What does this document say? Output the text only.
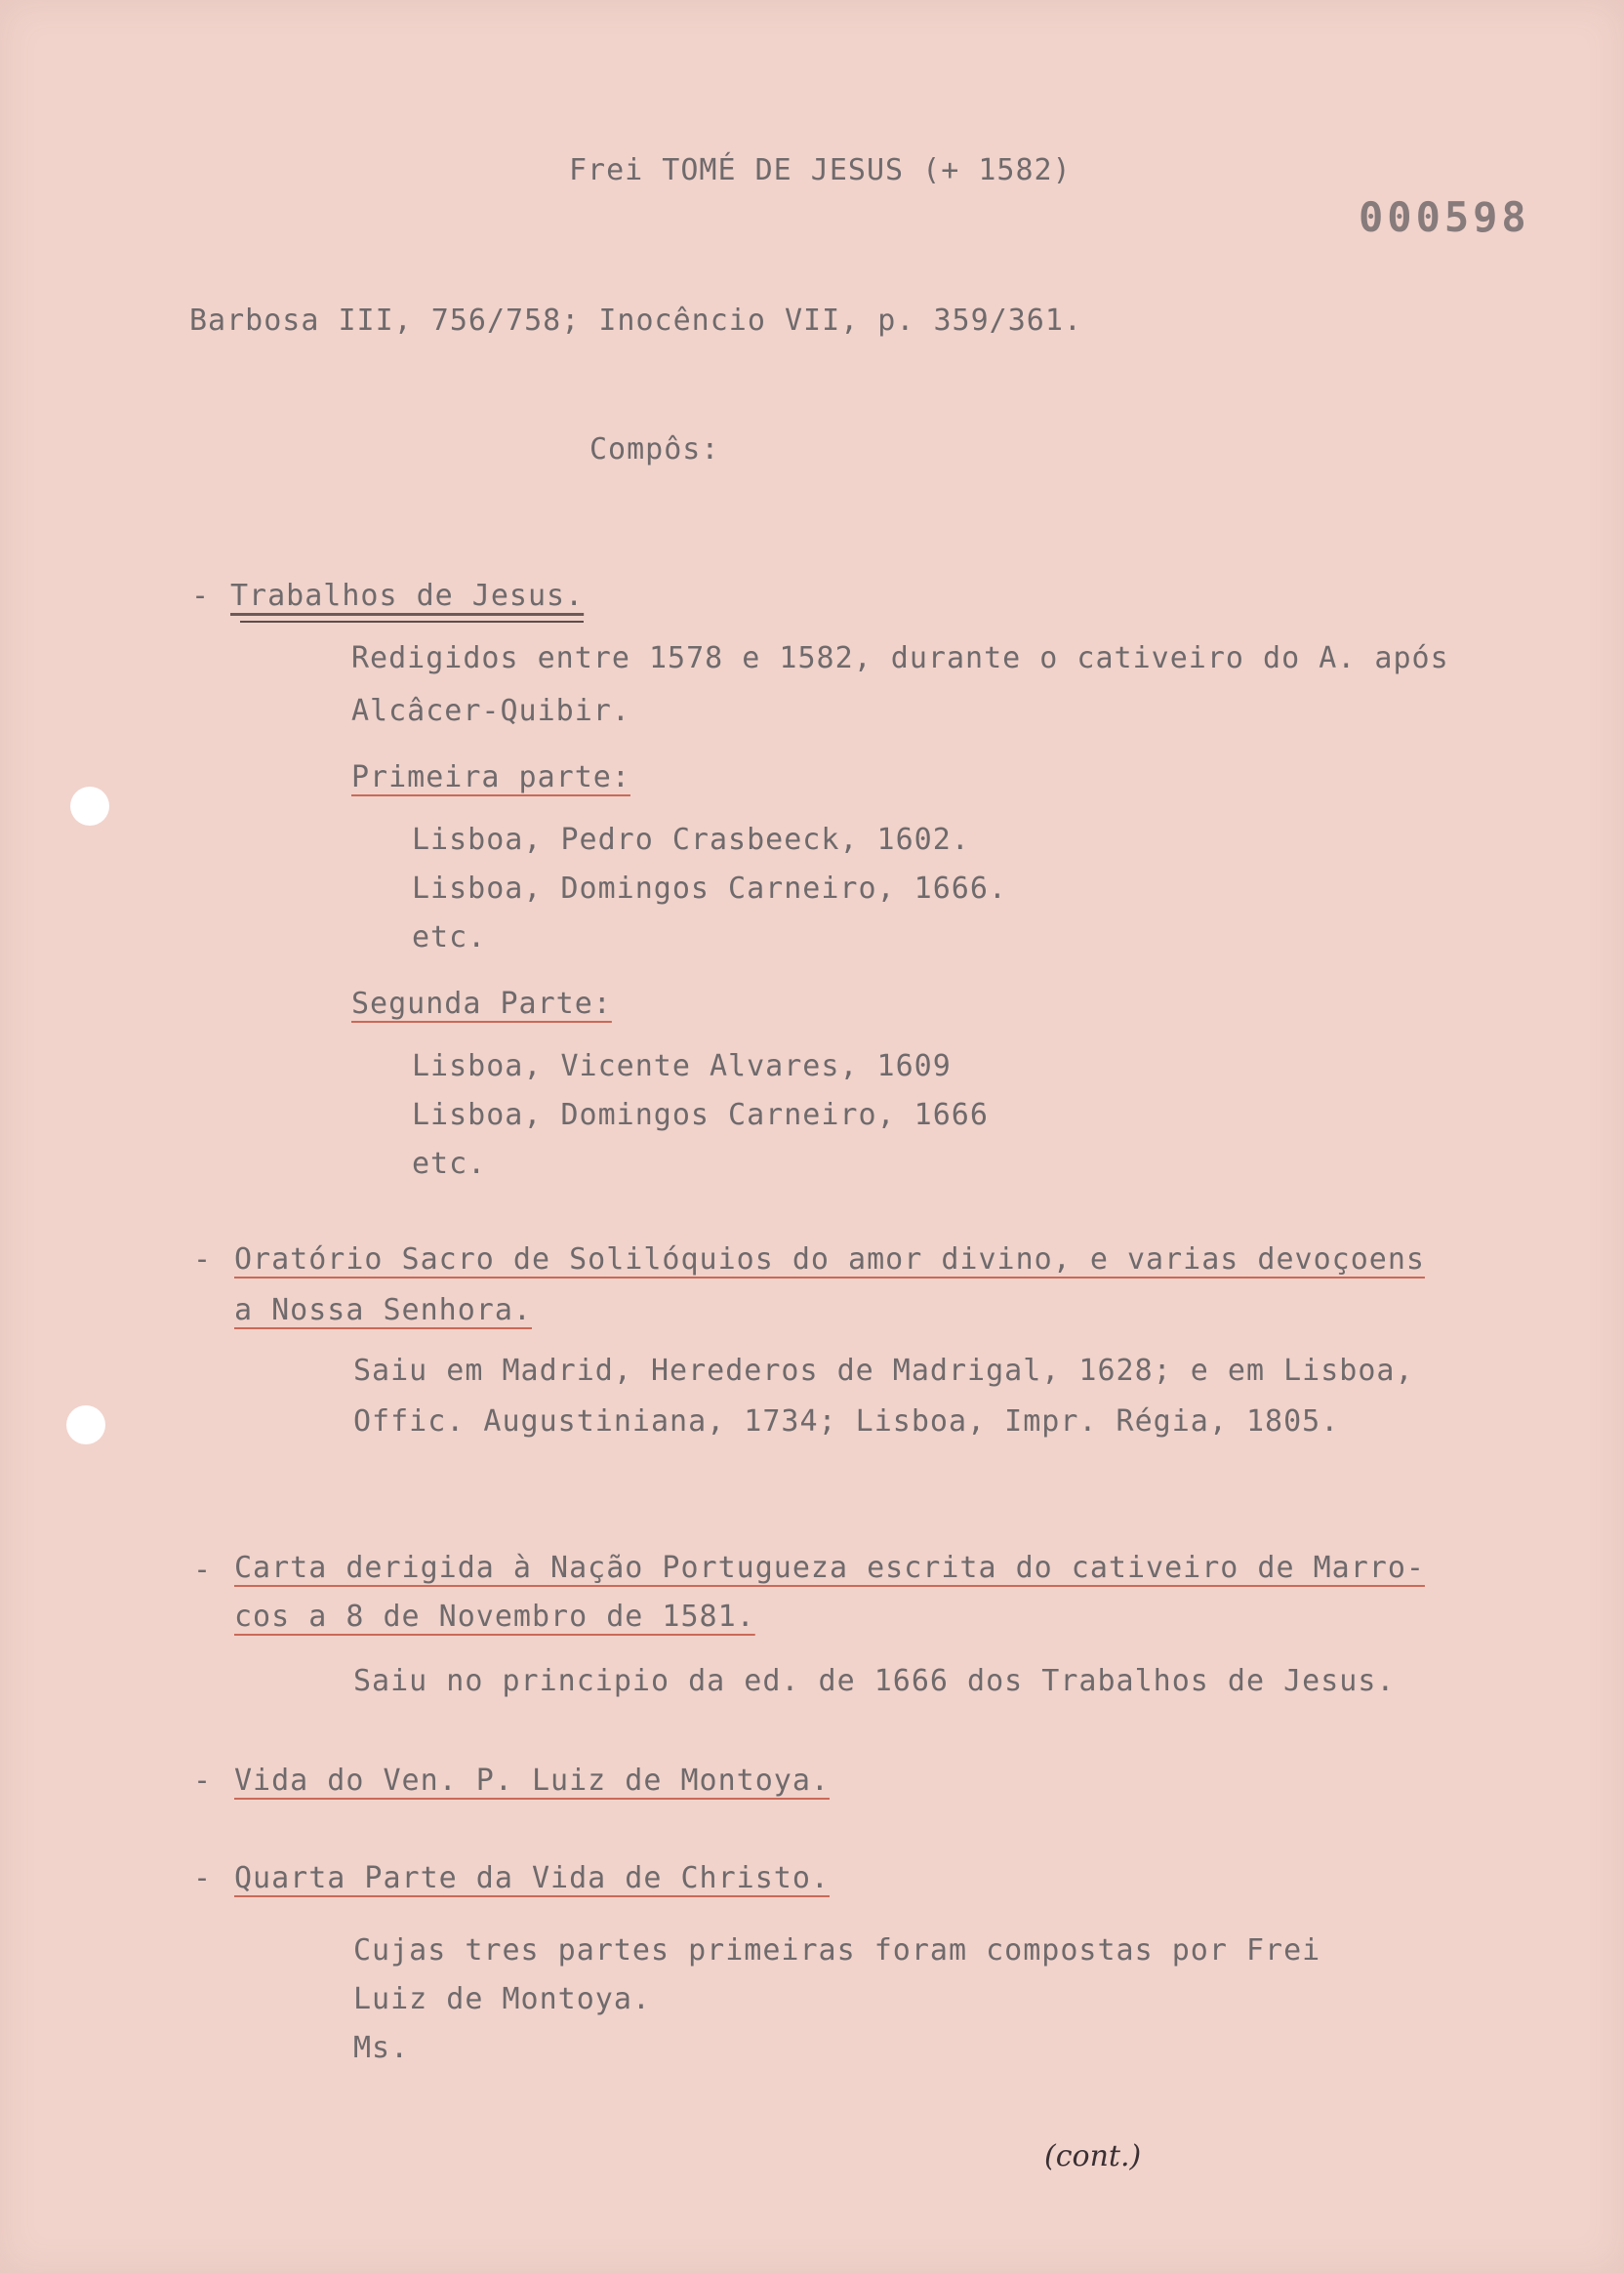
Frei TOMÉ DE JESUS (+ 1582)
000598
Barbosa III, 756/758; Inocêncio VII, p. 359/361.
Compôs:
- Trabalhos de Jesus.
Redigidos entre 1578 e 1582, durante o cativeiro do A. após
Alcâcer-Quibir.
Primeira parte:
Lisboa, Pedro Crasbeeck, 1602.
Lisboa, Domingos Carneiro, 1666.
etc.
Segunda Parte:
Lisboa, Vicente Alvares, 1609
Lisboa, Domingos Carneiro, 1666
etc.
- Oratório Sacro de Solilóquios do amor divino, e varias devoçoens
a Nossa Senhora.
Saiu em Madrid, Herederos de Madrigal, 1628; e em Lisboa,
Offic. Augustiniana, 1734; Lisboa, Impr. Régia, 1805.
- Carta derigida à Nação Portugueza escrita do cativeiro de Marro-
cos a 8 de Novembro de 1581.
Saiu no principio da ed. de 1666 dos Trabalhos de Jesus.
- Vida do Ven. P. Luiz de Montoya.
- Quarta Parte da Vida de Christo.
Cujas tres partes primeiras foram compostas por Frei
Luiz de Montoya.
Ms.
(cont.)
